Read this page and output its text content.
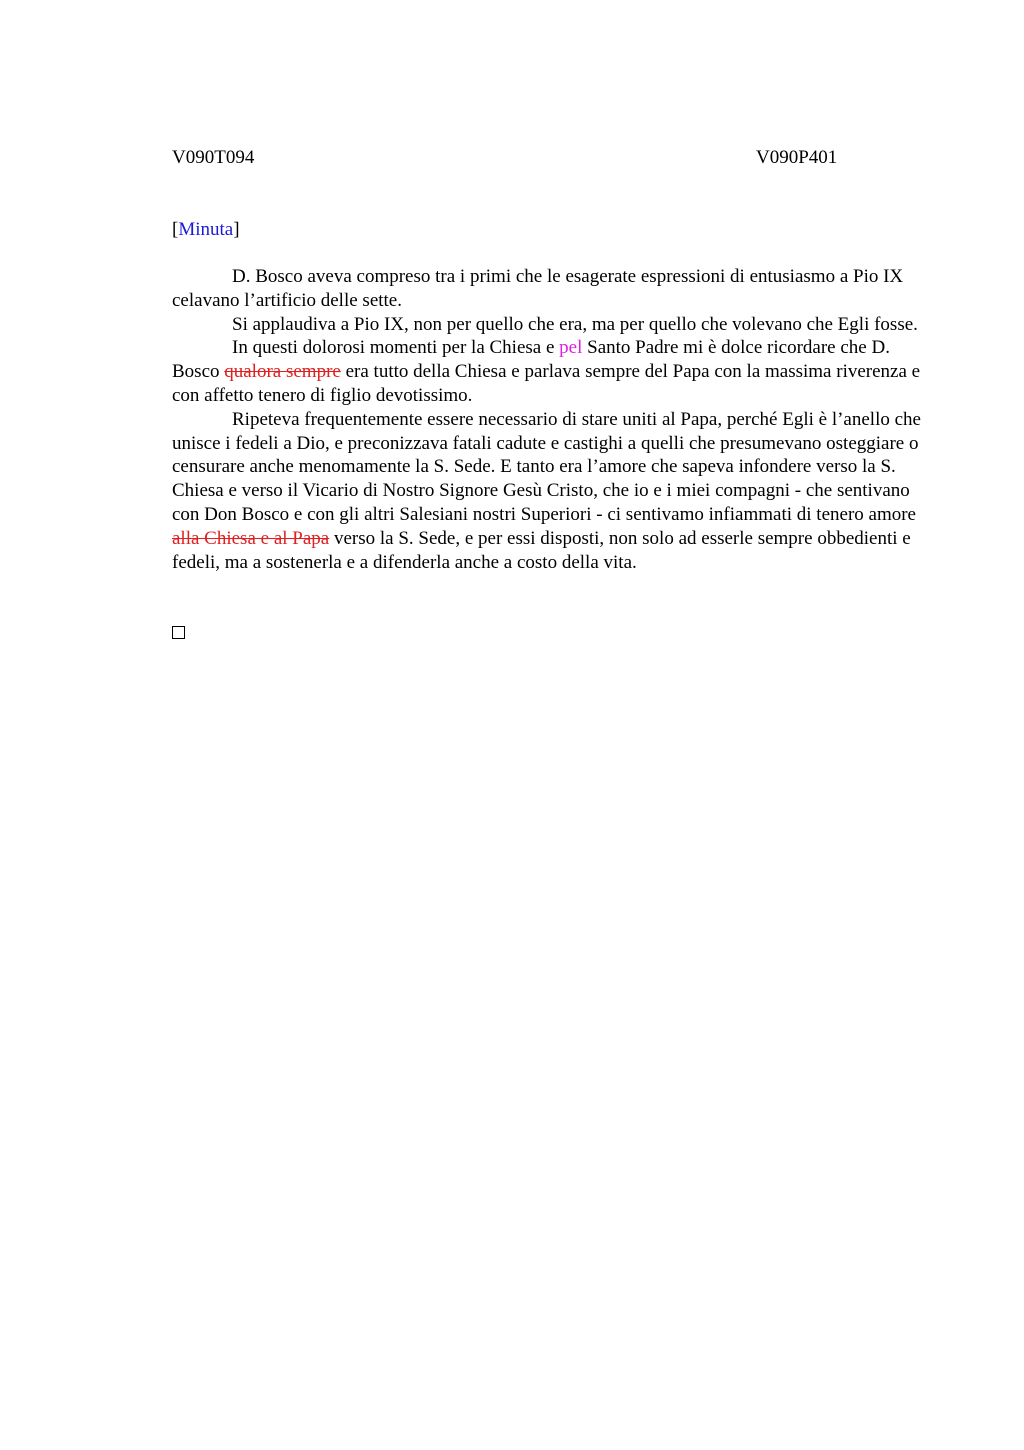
V090T094	V090P401
[Minuta]

D. Bosco aveva compreso tra i primi che le esagerate espressioni di entusiasmo a Pio IX celavano l’artificio delle sette.

Si applaudiva a Pio IX, non per quello che era, ma per quello che volevano che Egli fosse.

In questi dolorosi momenti per la Chiesa e pel Santo Padre mi è dolce ricordare che D. Bosco qualora sempre era tutto della Chiesa e parlava sempre del Papa con la massima riverenza e con affetto tenero di figlio devotissimo.

Ripeteva frequentemente essere necessario di stare uniti al Papa, perché Egli è l’anello che unisce i fedeli a Dio, e preconizzava fatali cadute e castighi a quelli che presumevano osteggiare o censurare anche menomamente la S. Sede. E tanto era l’amore che sapeva infondere verso la S. Chiesa e verso il Vicario di Nostro Signore Gesù Cristo, che io e i miei compagni - che sentivano con Don Bosco e con gli altri Salesiani nostri Superiori - ci sentivamo infiammati di tenero amore alla Chiesa e al Papa verso la S. Sede, e per essi disposti, non solo ad esserle sempre obbedienti e fedeli, ma a sostenerla e a difenderla anche a costo della vita.
